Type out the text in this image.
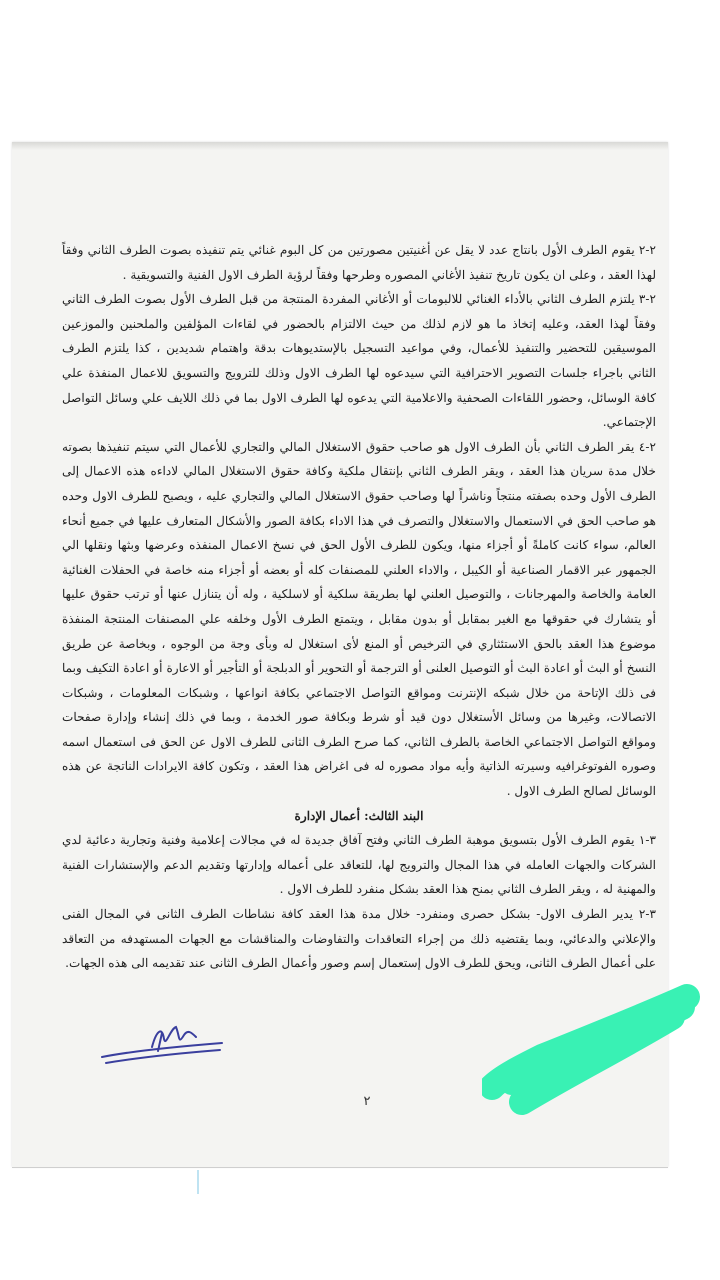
٢-٢ يقوم الطرف الأول بانتاج عدد لا يقل عن أغنيتين مصورتين من كل البوم غنائي يتم تنفيذه بصوت الطرف الثاني وفقاً لهذا العقد ، وعلى ان يكون تاريخ تنفيذ الأغاني المصوره وطرحها وفقاً لرؤية الطرف الاول الفنية والتسويقية .

٢-٣ يلتزم الطرف الثاني بالأداء الغنائي للالبومات أو الأغاني المفردة المنتجة من قبل الطرف الأول بصوت الطرف الثاني وفقاً لهذا العقد، وعليه إتخاذ ما هو لازم لذلك من حيث الالتزام بالحضور في لقاءات المؤلفين والملحنين والموزعين الموسيقين للتحضير والتنفيذ للأعمال، وفي مواعيد التسجيل بالإستديوهات بدقة واهتمام شديدين ، كذا يلتزم الطرف الثاني باجراء جلسات التصوير الاحترافية التي سيدعوه لها الطرف الاول وذلك للترويج والتسويق للاعمال المنفذة علي كافة الوسائل، وحضور اللقاءات الصحفية والاعلامية التي يدعوه لها الطرف الاول بما في ذلك اللايف علي وسائل التواصل الإجتماعي.

٢-٤ يقر الطرف الثاني بأن الطرف الاول هو صاحب حقوق الاستغلال المالي والتجاري للأعمال التي سيتم تنفيذها بصوته خلال مدة سريان هذا العقد ، ويقر الطرف الثاني بإنتقال ملكية وكافة حقوق الاستغلال المالي لاداءه هذه الاعمال إلى الطرف الأول وحده بصفته منتجاً وناشراً لها وصاحب حقوق الاستغلال المالي والتجاري عليه ، ويصبح للطرف الاول وحده هو صاحب الحق في الاستعمال والاستغلال والتصرف في هذا الاداء بكافة الصور والأشكال المتعارف عليها في جميع أنحاء العالم، سواء كانت كاملةً أو أجزاء منها، ويكون للطرف الأول الحق في نسخ الاعمال المنفذه وعرضها وبثها ونقلها الي الجمهور عبر الاقمار الصناعية أو الكيبل ، والاداء العلني للمصنفات كله أو بعضه أو أجزاء منه خاصة في الحفلات الغنائية العامة والخاصة والمهرجانات ، والتوصيل العلني لها بطريقة سلكية أو لاسلكية ، وله أن يتنازل عنها أو ترتب حقوق عليها أو يتشارك في حقوقها مع الغير بمقابل أو بدون مقابل ، ويتمتع الطرف الأول وخلفه علي المصنفات المنتجة المنفذة موضوع هذا العقد بالحق الاستئثاري في الترخيص أو المنع لأى استغلال له وبأى وجة من الوجوه ، وبخاصة عن طريق النسخ أو البث أو اعادة البث أو التوصيل العلنى أو الترجمة أو التحوير أو الدبلجة أو التأجير أو الاعارة أو اعادة التكيف وبما فى ذلك الإتاحة من خلال شبكه الإنترنت ومواقع التواصل الاجتماعي بكافة انواعها ، وشبكات المعلومات ، وشبكات الاتصالات، وغيرها من وسائل الأستغلال دون قيد أو شرط وبكافة صور الخدمة ، وبما في ذلك إنشاء وإدارة صفحات ومواقع التواصل الاجتماعي الخاصة بالطرف الثاني، كما صرح الطرف الثانى للطرف الاول عن الحق فى استعمال اسمه وصوره الفوتوغرافيه وسيرته الذاتية وأيه مواد مصوره له فى اغراض هذا العقد ، وتكون كافة الايرادات الناتجة عن هذه الوسائل لصالح الطرف الاول .

البند الثالث: أعمال الإدارة

٣-١ يقوم الطرف الأول بتسويق موهبة الطرف الثاني وفتح آفاق جديدة له في مجالات إعلامية وفنية وتجارية دعائية لدي الشركات والجهات العامله في هذا المجال والترويج لها، للتعاقد على أعماله وإدارتها وتقديم الدعم والإستشارات الفنية والمهنية له ، ويقر الطرف الثاني بمنح هذا العقد بشكل منفرد للطرف الاول .

٣-٢ يدير الطرف الاول- بشكل حصرى ومنفرد- خلال مدة هذا العقد كافة نشاطات الطرف الثانى في المجال الفنى والإعلاني والدعائي، وبما يقتضيه ذلك من إجراء التعاقدات والتفاوضات والمناقشات مع الجهات المستهدفه من التعاقد على أعمال الطرف الثانى، ويحق للطرف الاول إستعمال إسم وصور وأعمال الطرف الثانى عند تقديمه الى هذه الجهات.

٢
